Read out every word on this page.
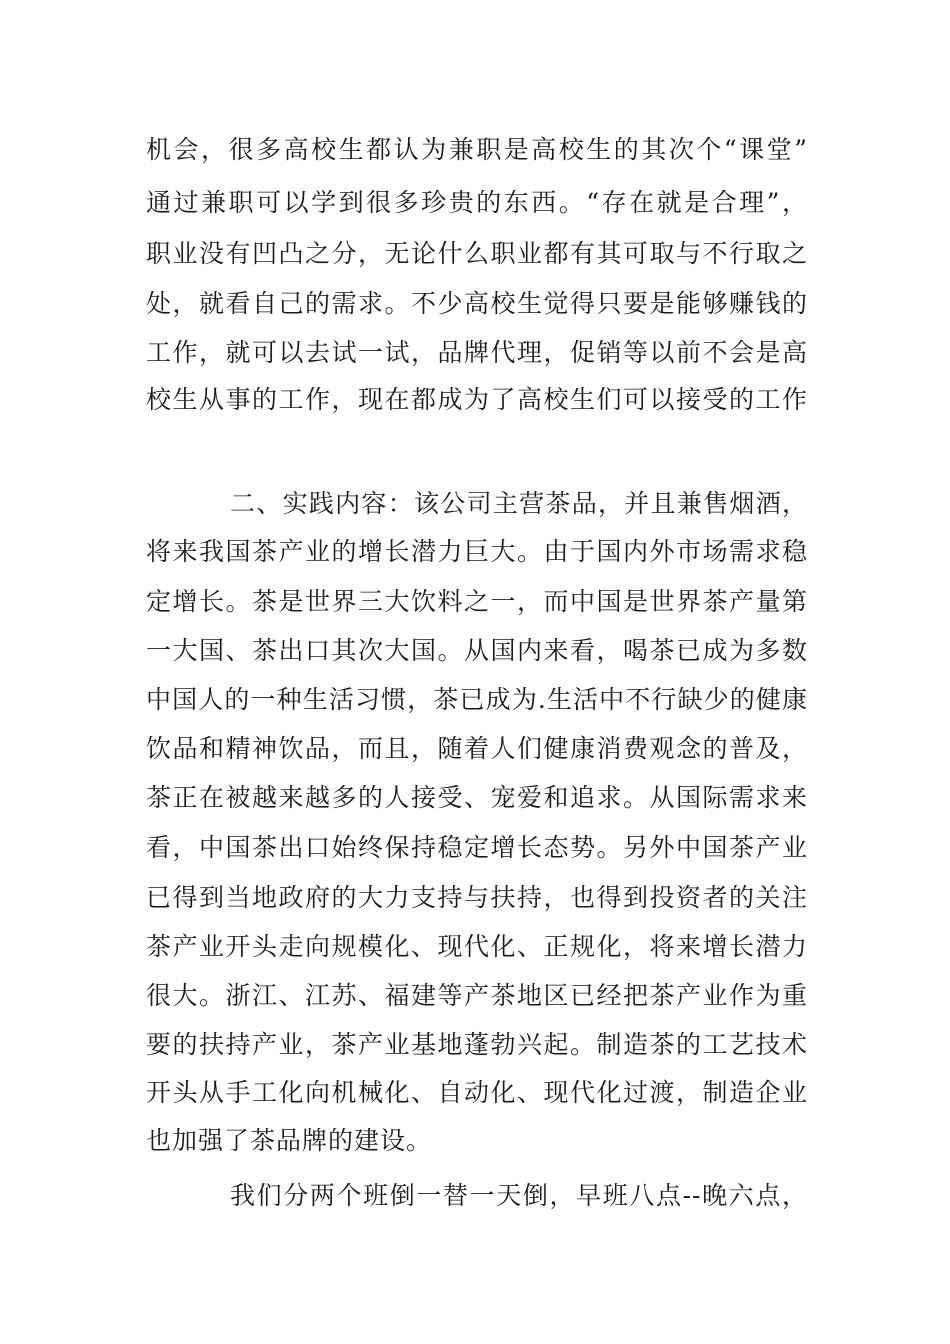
机会，很多高校生都认为兼职是高校生的其次个“课堂”
通过兼职可以学到很多珍贵的东西。“存在就是合理”，
职业没有凹凸之分，无论什么职业都有其可取与不行取之
处，就看自己的需求。不少高校生觉得只要是能够赚钱的
工作，就可以去试一试，品牌代理，促销等以前不会是高
校生从事的工作，现在都成为了高校生们可以接受的工作
二、实践内容：该公司主营茶品，并且兼售烟酒，
将来我国茶产业的增长潜力巨大。由于国内外市场需求稳
定增长。茶是世界三大饮料之一，而中国是世界茶产量第
一大国、茶出口其次大国。从国内来看，喝茶已成为多数
中国人的一种生活习惯，茶已成为.生活中不行缺少的健康
饮品和精神饮品，而且，随着人们健康消费观念的普及，
茶正在被越来越多的人接受、宠爱和追求。从国际需求来
看，中国茶出口始终保持稳定增长态势。另外中国茶产业
已得到当地政府的大力支持与扶持，也得到投资者的关注
茶产业开头走向规模化、现代化、正规化，将来增长潜力
很大。浙江、江苏、福建等产茶地区已经把茶产业作为重
要的扶持产业，茶产业基地蓬勃兴起。制造茶的工艺技术
开头从手工化向机械化、自动化、现代化过渡，制造企业
也加强了茶品牌的建设。
我们分两个班倒一替一天倒，早班八点--晚六点，
